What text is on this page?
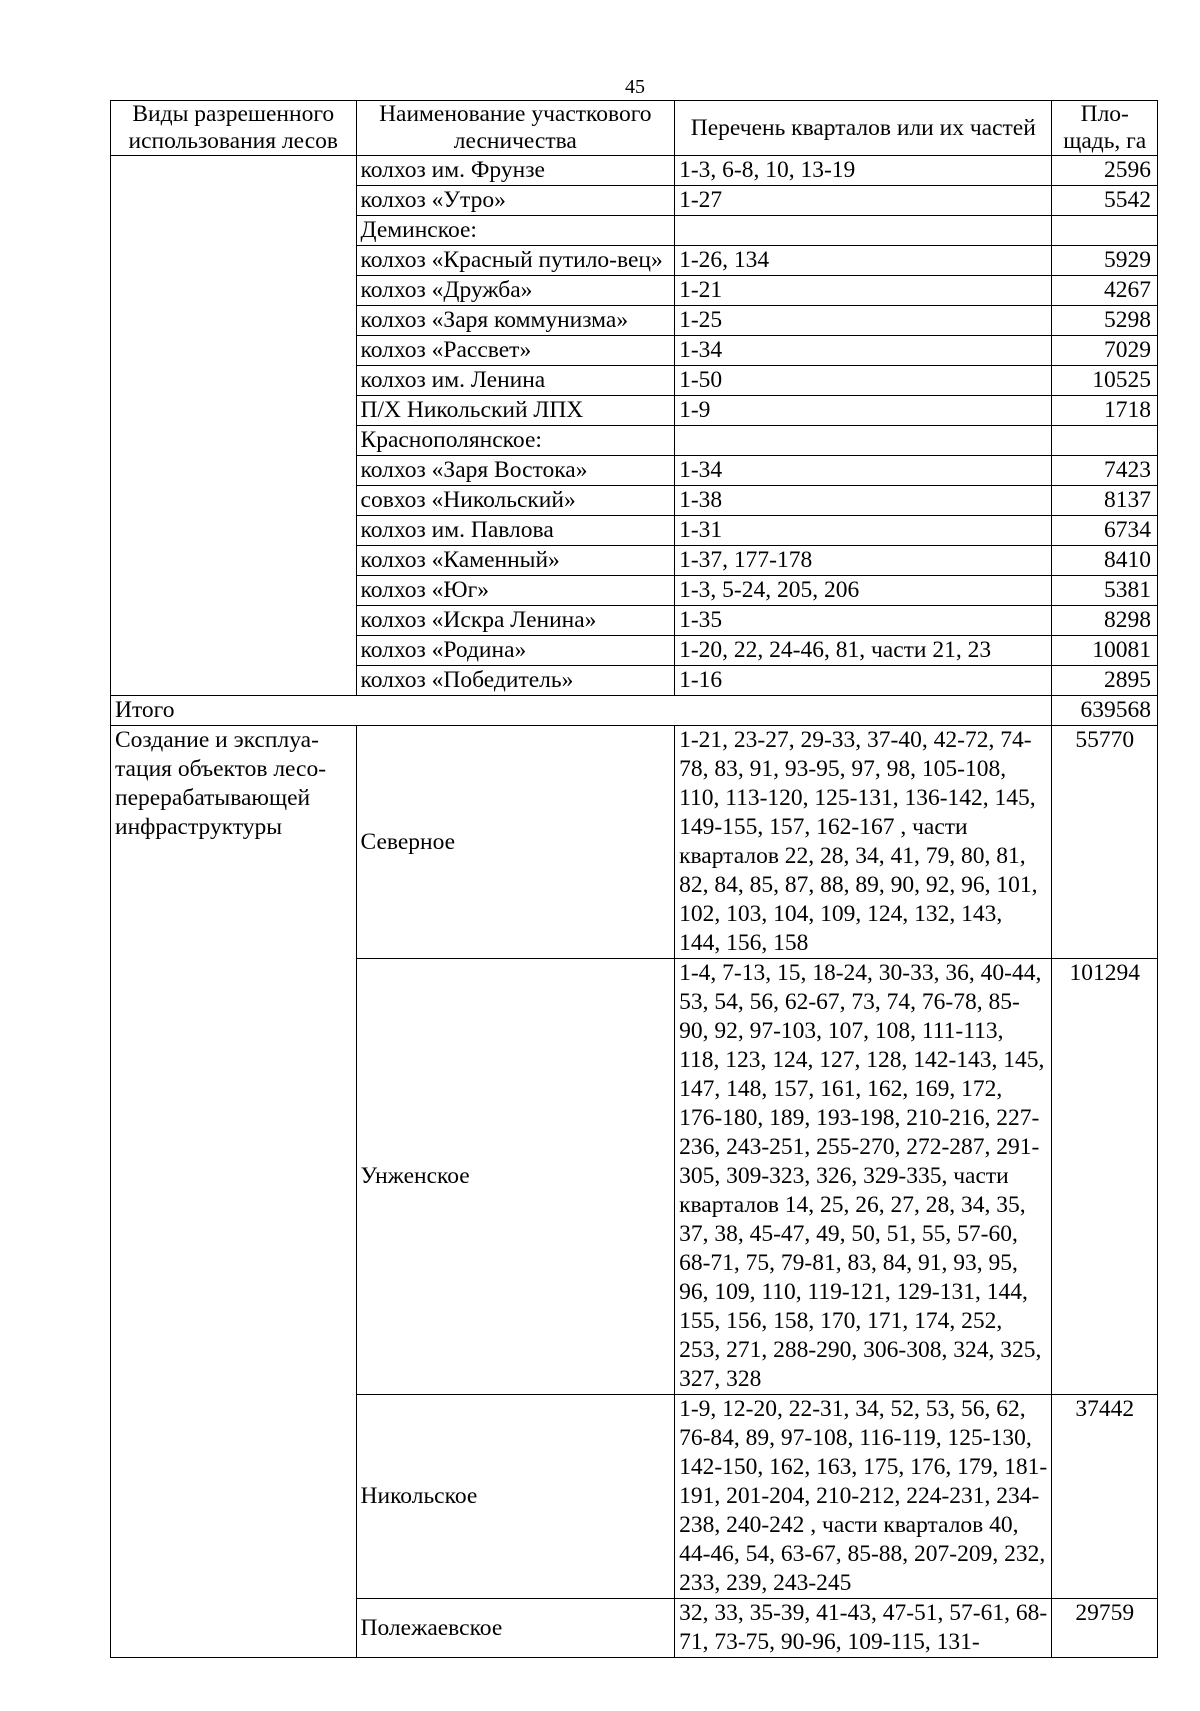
45
Виды разрешенного использования лесов	Наименование участкового лесничества	Перечень кварталов или их частей	Пло-щадь, га
	колхоз им. Фрунзе	1-3, 6-8, 10, 13-19	2596
	колхоз «Утро»	1-27	5542
	Деминское:		
	колхоз «Красный путило-вец»	1-26, 134	5929
	колхоз «Дружба»	1-21	4267
	колхоз «Заря коммунизма»	1-25	5298
	колхоз «Рассвет»	1-34	7029
	колхоз им. Ленина	1-50	10525
	П/Х Никольский ЛПХ	1-9	1718
	Краснополянское:		
	колхоз «Заря Востока»	1-34	7423
	совхоз «Никольский»	1-38	8137
	колхоз им. Павлова	1-31	6734
	колхоз «Каменный»	1-37, 177-178	8410
	колхоз «Юг»	1-3, 5-24, 205, 206	5381
	колхоз «Искра Ленина»	1-35	8298
	колхоз «Родина»	1-20, 22, 24-46, 81, части 21, 23	10081
	колхоз «Победитель»	1-16	2895
Итого			639568
Создание и эксплуа-тация объектов лесо-перерабатывающей инфраструктуры	Северное	1-21, 23-27, 29-33, 37-40, 42-72, 74-78, 83, 91, 93-95, 97, 98, 105-108, 110, 113-120, 125-131, 136-142, 145, 149-155, 157, 162-167 , части кварталов 22, 28, 34, 41, 79, 80, 81, 82, 84, 85, 87, 88, 89, 90, 92, 96, 101, 102, 103, 104, 109, 124, 132, 143, 144, 156, 158	55770
	Унженское	1-4, 7-13, 15, 18-24, 30-33, 36, 40-44, 53, 54, 56, 62-67, 73, 74, 76-78, 85-90, 92, 97-103, 107, 108, 111-113, 118, 123, 124, 127, 128, 142-143, 145, 147, 148, 157, 161, 162, 169, 172, 176-180, 189, 193-198, 210-216, 227-236, 243-251, 255-270, 272-287, 291-305, 309-323, 326, 329-335, части кварталов 14, 25, 26, 27, 28, 34, 35, 37, 38, 45-47, 49, 50, 51, 55, 57-60, 68-71, 75, 79-81, 83, 84, 91, 93, 95, 96, 109, 110, 119-121, 129-131, 144, 155, 156, 158, 170, 171, 174, 252, 253, 271, 288-290, 306-308, 324, 325, 327, 328	101294
	Никольское	1-9, 12-20, 22-31, 34, 52, 53, 56, 62, 76-84, 89, 97-108, 116-119, 125-130, 142-150, 162, 163, 175, 176, 179, 181-191, 201-204, 210-212, 224-231, 234-238, 240-242 , части кварталов 40, 44-46, 54, 63-67, 85-88, 207-209, 232, 233, 239, 243-245	37442
	Полежаевское	32, 33, 35-39, 41-43, 47-51, 57-61, 68-71, 73-75, 90-96, 109-115, 131-	29759
